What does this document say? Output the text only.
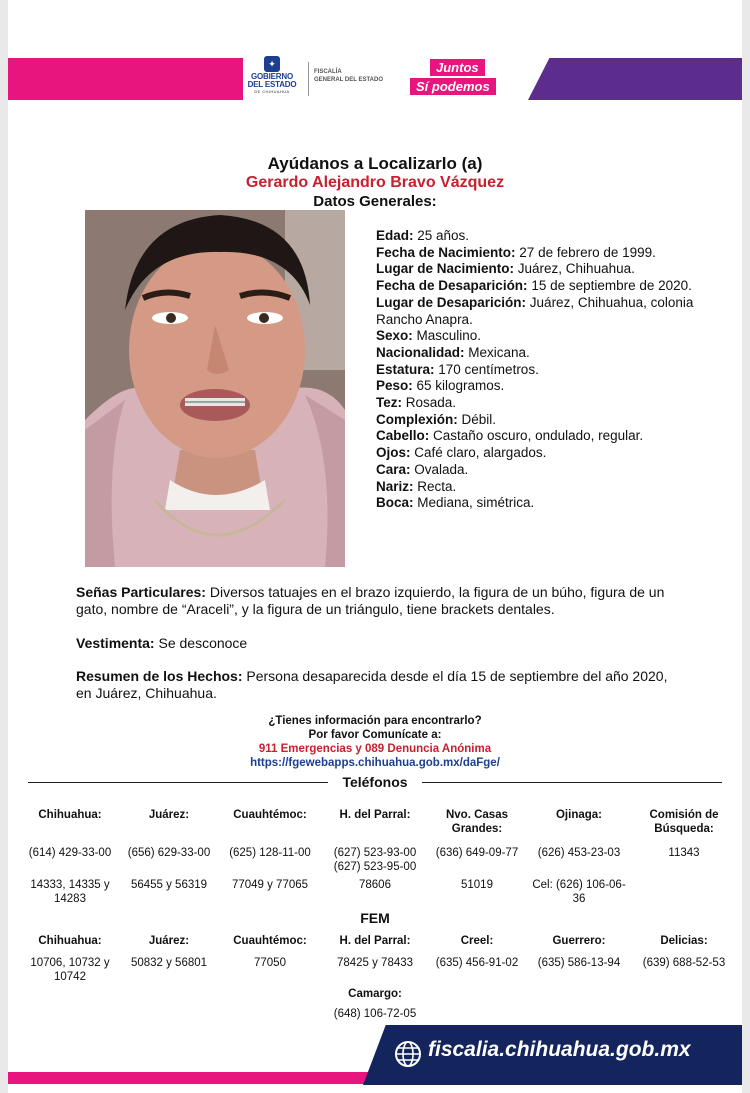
✦
GOBIERNO
DEL ESTADO
DE CHIHUAHUA
FISCALÍA
GENERAL DEL ESTADO
Juntos
Sí podemos
Ayúdanos a Localizarlo (a)
Gerardo Alejandro Bravo Vázquez
Datos Generales:
Edad: 25 años.
Fecha de Nacimiento: 27 de febrero de 1999.
Lugar de Nacimiento: Juárez, Chihuahua.
Fecha de Desaparición: 15 de septiembre de 2020.
Lugar de Desaparición: Juárez, Chihuahua, colonia Rancho Anapra.
Sexo: Masculino.
Nacionalidad: Mexicana.
Estatura: 170 centímetros.
Peso: 65 kilogramos.
Tez: Rosada.
Complexión: Débil.
Cabello: Castaño oscuro, ondulado, regular.
Ojos: Café claro, alargados.
Cara: Ovalada.
Nariz: Recta.
Boca: Mediana, simétrica.
Señas Particulares: Diversos tatuajes en el brazo izquierdo, la figura de un búho, figura de un gato, nombre de “Araceli”, y la figura de un triángulo, tiene brackets dentales.
Vestimenta: Se desconoce
Resumen de los Hechos: Persona desaparecida desde el día 15 de septiembre del año 2020, en Juárez, Chihuahua.
¿Tienes información para encontrarlo?
Por favor Comunícate a:
911 Emergencias y 089 Denuncia Anónima
https://fgewebapps.chihuahua.gob.mx/daFge/
Teléfonos
Chihuahua:
(614) 429-33-00
14333, 14335 y 14283
Juárez:
(656) 629-33-00
56455 y 56319
Cuauhtémoc:
(625) 128-11-00
77049 y 77065
H. del Parral:
(627) 523-93-00 (627) 523-95-00
78606
Nvo. Casas Grandes:
(636) 649-09-77
51019
Ojinaga:
(626) 453-23-03
Cel: (626) 106-06-36
Comisión de Búsqueda:
11343
FEM
Chihuahua:
10706, 10732 y 10742
Juárez:
50832 y 56801
Cuauhtémoc:
77050
H. del Parral:
78425 y 78433
Creel:
(635) 456-91-02
Guerrero:
(635) 586-13-94
Delicias:
(639) 688-52-53
Camargo:
(648) 106-72-05
fiscalia.chihuahua.gob.mx
